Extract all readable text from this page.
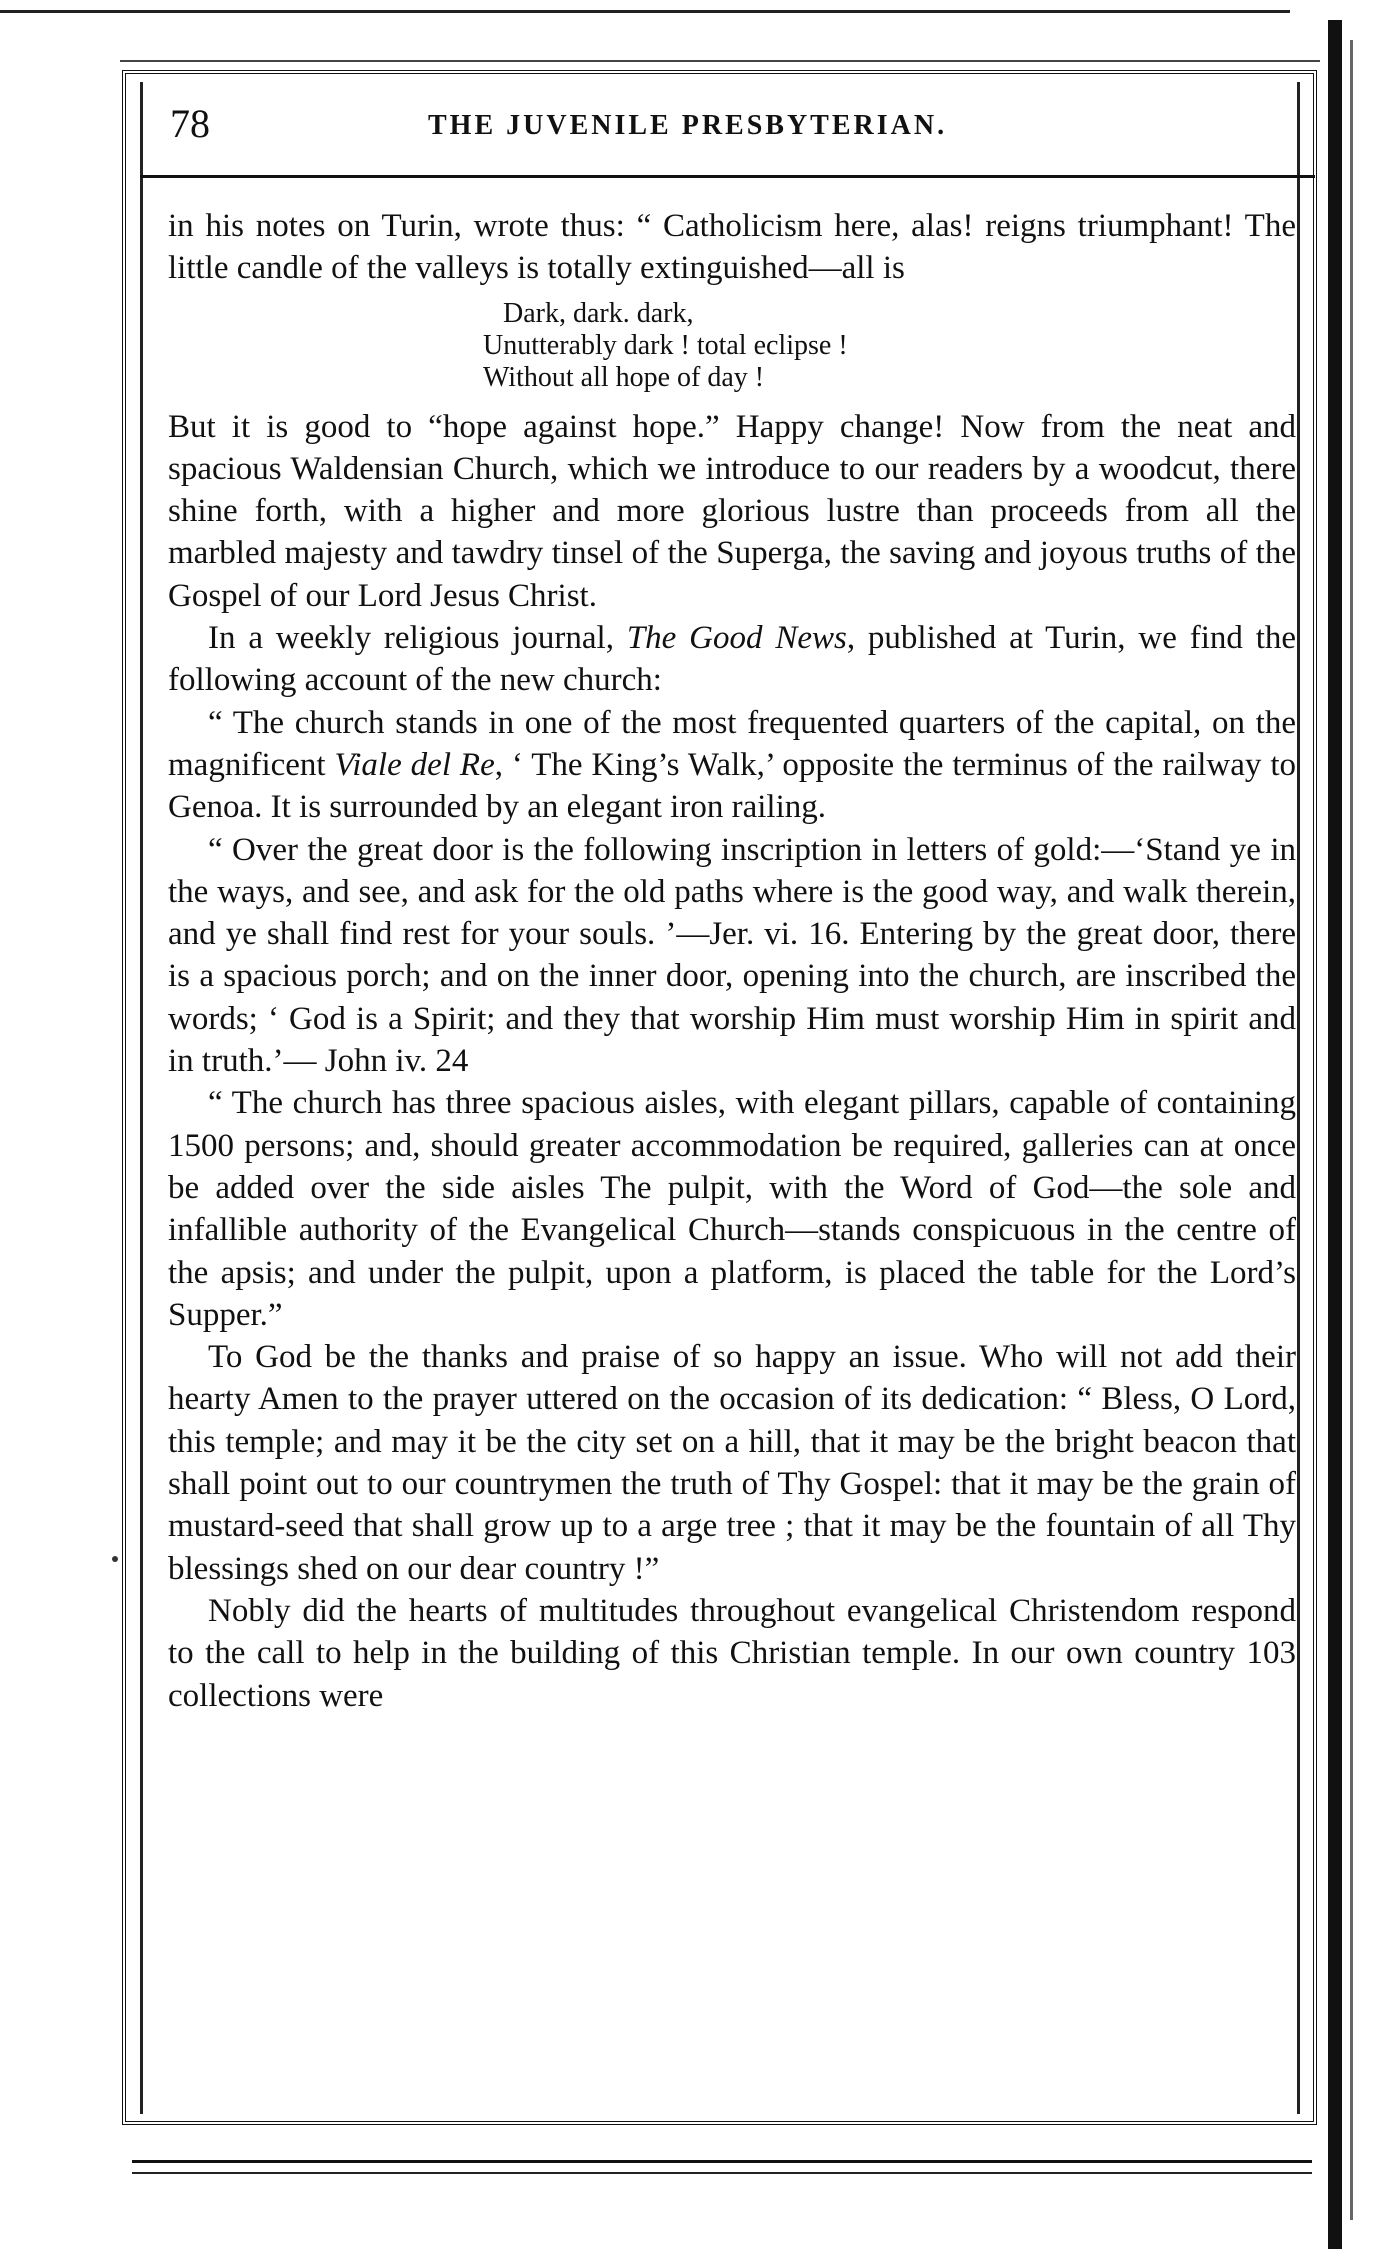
78	THE JUVENILE PRESBYTERIAN.

in his notes on Turin, wrote thus: “ Catholicism here, alas! reigns triumphant! The little candle of the valleys is totally extinguished—all is

Dark, dark. dark,
Unutterably dark ! total eclipse !
Without all hope of day !

But it is good to “hope against hope.” Happy change! Now from the neat and spacious Waldensian Church, which we introduce to our readers by a woodcut, there shine forth, with a higher and more glorious lustre than proceeds from all the marbled majesty and tawdry tinsel of the Superga, the saving and joyous truths of the Gospel of our Lord Jesus Christ.

In a weekly religious journal, The Good News, published at Turin, we find the following account of the new church:

“ The church stands in one of the most frequented quarters of the capital, on the magnificent Viale del Re, ‘ The King’s Walk,’ opposite the terminus of the railway to Genoa. It is surrounded by an elegant iron railing.

“ Over the great door is the following inscription in letters of gold:—‘Stand ye in the ways, and see, and ask for the old paths where is the good way, and walk therein, and ye shall find rest for your souls. ’—Jer. vi. 16. Entering by the great door, there is a spacious porch; and on the inner door, opening into the church, are inscribed the words; ‘ God is a Spirit; and they that worship Him must worship Him in spirit and in truth.’— John iv. 24

“ The church has three spacious aisles, with elegant pillars, capable of containing 1500 persons; and, should greater accommodation be required, galleries can at once be added over the side aisles The pulpit, with the Word of God—the sole and infallible authority of the Evangelical Church—stands conspicuous in the centre of the apsis; and under the pulpit, upon a platform, is placed the table for the Lord’s Supper.”

To God be the thanks and praise of so happy an issue. Who will not add their hearty Amen to the prayer uttered on the occasion of its dedication: “ Bless, O Lord, this temple; and may it be the city set on a hill, that it may be the bright beacon that shall point out to our countrymen the truth of Thy Gospel: that it may be the grain of mustard-seed that shall grow up to a arge tree ; that it may be the fountain of all Thy blessings shed on our dear country !”

Nobly did the hearts of multitudes throughout evangelical Christendom respond to the call to help in the building of this Christian temple. In our own country 103 collections were
